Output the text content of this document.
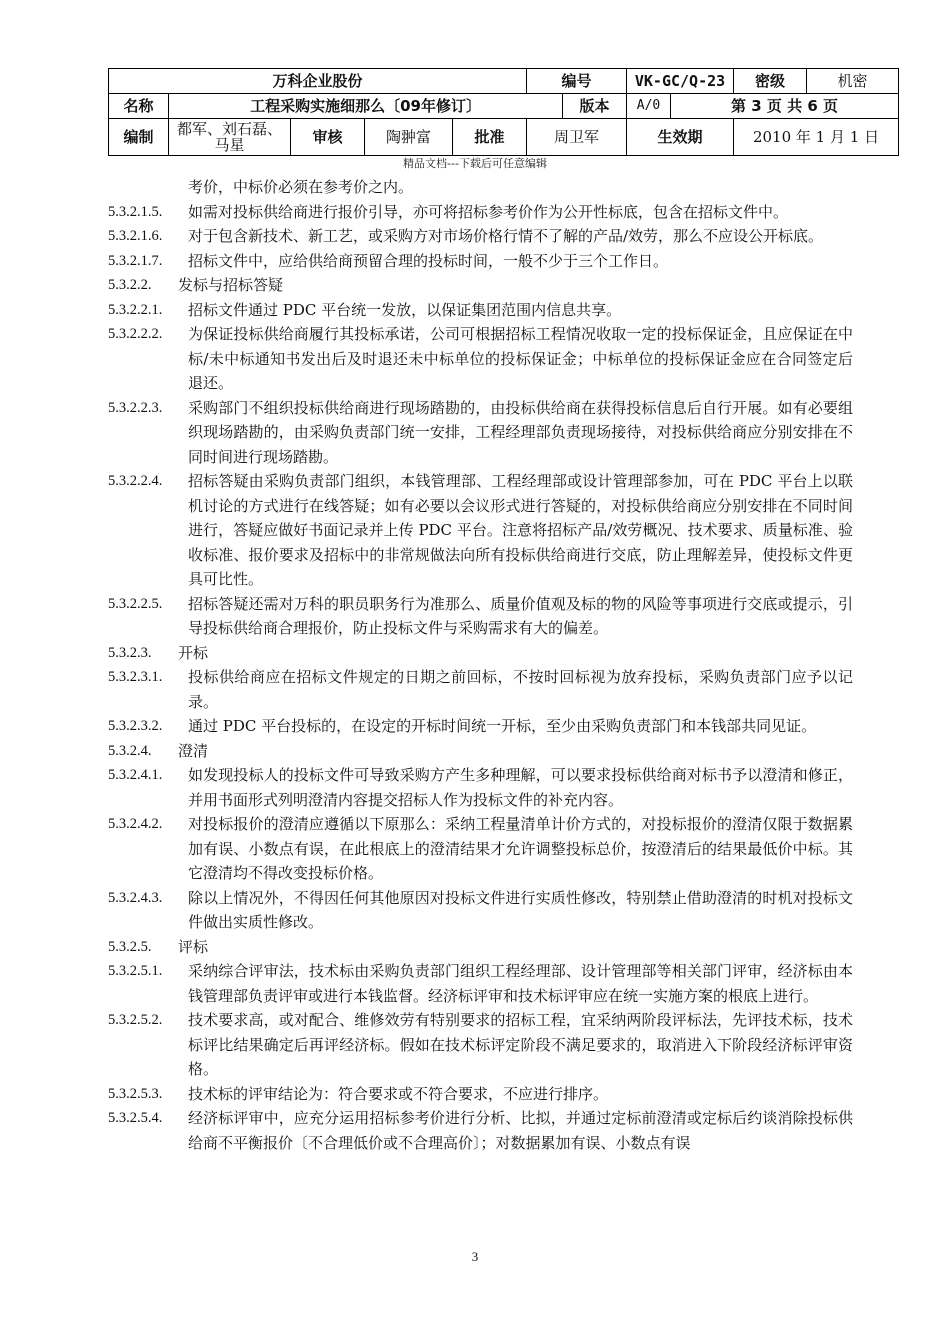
万科企业股份					编号		VK-GC/Q-23		密级	机密
名称	工程采购实施细那么〔09年修订〕					版本	A/0	第 3 页 共 6 页		
编制	都军、刘石磊、马星	审核	陶翀富	批准	周卫军		生效期		2010 年 1 月 1 日	
精品文档---下载后可任意编辑
考价，中标价必须在参考价之内。
5.3.2.1.5.	如需对投标供给商进行报价引导，亦可将招标参考价作为公开性标底，包含在招标文件中。
5.3.2.1.6.	对于包含新技术、新工艺，或采购方对市场价格行情不了解的产品/效劳，那么不应设公开标底。
5.3.2.1.7.	招标文件中，应给供给商预留合理的投标时间，一般不少于三个工作日。
5.3.2.2.	发标与招标答疑
5.3.2.2.1.	招标文件通过 PDC 平台统一发放，以保证集团范围内信息共享。
5.3.2.2.2.	为保证投标供给商履行其投标承诺，公司可根据招标工程情况收取一定的投标保证金，且应保证在中标/未中标通知书发出后及时退还未中标单位的投标保证金；中标单位的投标保证金应在合同签定后退还。
5.3.2.2.3.	采购部门不组织投标供给商进行现场踏勘的，由投标供给商在获得投标信息后自行开展。如有必要组织现场踏勘的，由采购负责部门统一安排，工程经理部负责现场接待，对投标供给商应分别安排在不同时间进行现场踏勘。
5.3.2.2.4.	招标答疑由采购负责部门组织，本钱管理部、工程经理部或设计管理部参加，可在 PDC 平台上以联机讨论的方式进行在线答疑；如有必要以会议形式进行答疑的，对投标供给商应分别安排在不同时间进行，答疑应做好书面记录并上传 PDC 平台。注意将招标产品/效劳概况、技术要求、质量标准、验收标准、报价要求及招标中的非常规做法向所有投标供给商进行交底，防止理解差异，使投标文件更具可比性。
5.3.2.2.5.	招标答疑还需对万科的职员职务行为准那么、质量价值观及标的物的风险等事项进行交底或提示，引导投标供给商合理报价，防止投标文件与采购需求有大的偏差。
5.3.2.3.	开标
5.3.2.3.1.	投标供给商应在招标文件规定的日期之前回标，不按时回标视为放弃投标，采购负责部门应予以记录。
5.3.2.3.2.	通过 PDC 平台投标的，在设定的开标时间统一开标，至少由采购负责部门和本钱部共同见证。
5.3.2.4.	澄清
5.3.2.4.1.	如发现投标人的投标文件可导致采购方产生多种理解，可以要求投标供给商对标书予以澄清和修正，并用书面形式列明澄清内容提交招标人作为投标文件的补充内容。
5.3.2.4.2.	对投标报价的澄清应遵循以下原那么：采纳工程量清单计价方式的，对投标报价的澄清仅限于数据累加有误、小数点有误，在此根底上的澄清结果才允许调整投标总价，按澄清后的结果最低价中标。其它澄清均不得改变投标价格。
5.3.2.4.3.	除以上情况外，不得因任何其他原因对投标文件进行实质性修改，特别禁止借助澄清的时机对投标文件做出实质性修改。
5.3.2.5.	评标
5.3.2.5.1.	采纳综合评审法，技术标由采购负责部门组织工程经理部、设计管理部等相关部门评审，经济标由本钱管理部负责评审或进行本钱监督。经济标评审和技术标评审应在统一实施方案的根底上进行。
5.3.2.5.2.	技术要求高，或对配合、维修效劳有特别要求的招标工程，宜采纳两阶段评标法，先评技术标，技术标评比结果确定后再评经济标。假如在技术标评定阶段不满足要求的，取消进入下阶段经济标评审资格。
5.3.2.5.3.	技术标的评审结论为：符合要求或不符合要求，不应进行排序。
5.3.2.5.4.	经济标评审中，应充分运用招标参考价进行分析、比拟，并通过定标前澄清或定标后约谈消除投标供给商不平衡报价〔不合理低价或不合理高价〕；对数据累加有误、小数点有误
3
